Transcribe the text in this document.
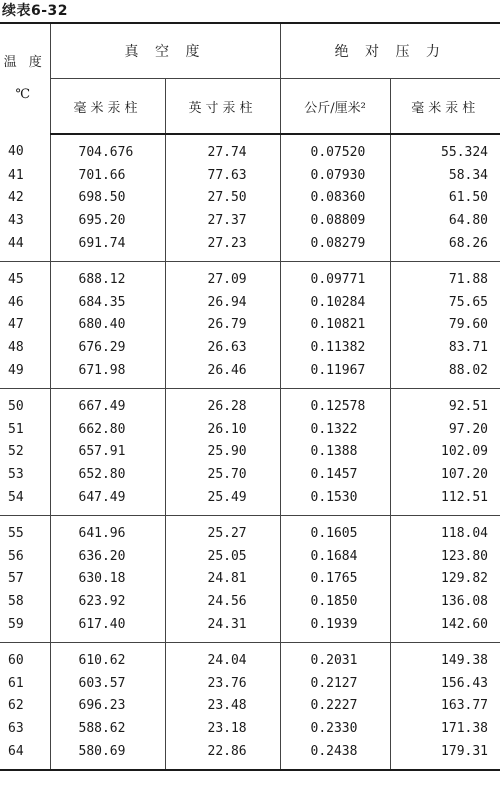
续表6-32
温 度
℃	真 空 度		绝 对 压 力	
	毫米汞柱	英寸汞柱	公斤/厘米²	毫米汞柱
40	704.676	27.74	0.07520	55.324
41	701.66	77.63	0.07930	58.34
42	698.50	27.50	0.08360	61.50
43	695.20	27.37	0.08809	64.80
44	691.74	27.23	0.08279	68.26
45	688.12	27.09	0.09771	71.88
46	684.35	26.94	0.10284	75.65
47	680.40	26.79	0.10821	79.60
48	676.29	26.63	0.11382	83.71
49	671.98	26.46	0.11967	88.02
50	667.49	26.28	0.12578	92.51
51	662.80	26.10	0.1322	97.20
52	657.91	25.90	0.1388	102.09
53	652.80	25.70	0.1457	107.20
54	647.49	25.49	0.1530	112.51
55	641.96	25.27	0.1605	118.04
56	636.20	25.05	0.1684	123.80
57	630.18	24.81	0.1765	129.82
58	623.92	24.56	0.1850	136.08
59	617.40	24.31	0.1939	142.60
60	610.62	24.04	0.2031	149.38
61	603.57	23.76	0.2127	156.43
62	696.23	23.48	0.2227	163.77
63	588.62	23.18	0.2330	171.38
64	580.69	22.86	0.2438	179.31
